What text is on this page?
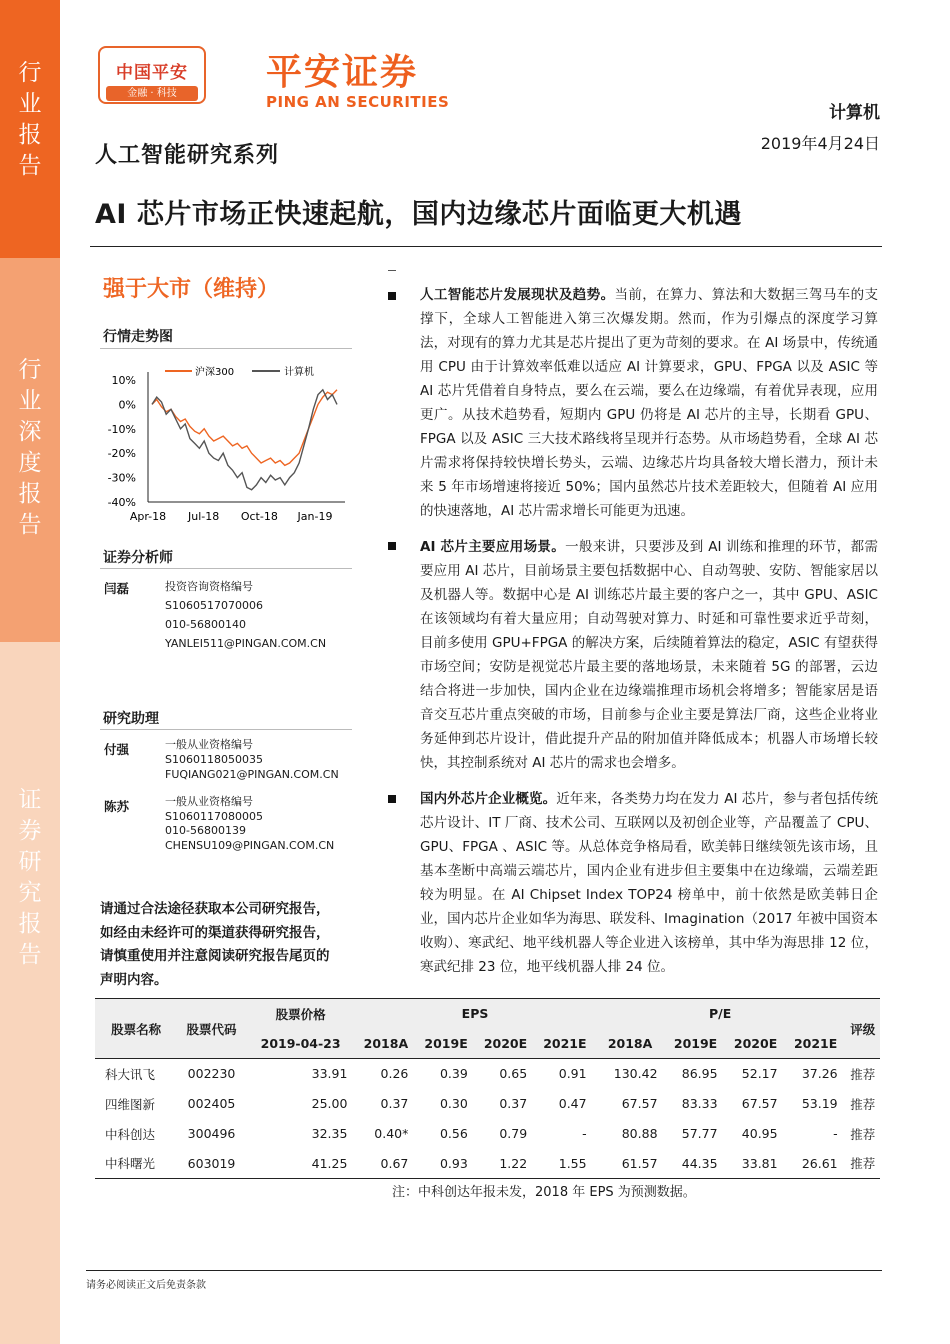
行
业
报
告
行
业
深
度
报
告
证
券
研
究
报
告
中国平安
金融 · 科技
平安证券
PING AN SECURITIES
计算机
2019年4月24日
人工智能研究系列
AI 芯片市场正快速起航，国内边缘芯片面临更大机遇
强于大市（维持）
行情走势图
沪深300	计算机
10%
0%
-10%
-20%
-30%
-40%
Apr-18 Jul-18 Oct-18 Jan-19
证券分析师
闫磊	投资咨询资格编号
S1060517070006
010-56800140
YANLEI511@PINGAN.COM.CN
研究助理
付强	一般从业资格编号
S1060118050035
FUQIANG021@PINGAN.COM.CN
陈苏	一般从业资格编号
S1060117080005
010-56800139
CHENSU109@PINGAN.COM.CN
请通过合法途径获取本公司研究报告，如经由未经许可的渠道获得研究报告，请慎重使用并注意阅读研究报告尾页的声明内容。
人工智能芯片发展现状及趋势。当前，在算力、算法和大数据三驾马车的支撑下，全球人工智能进入第三次爆发期。然而，作为引爆点的深度学习算法，对现有的算力尤其是芯片提出了更为苛刻的要求。在 AI 场景中，传统通用 CPU 由于计算效率低难以适应 AI 计算要求，GPU、FPGA 以及 ASIC 等 AI 芯片凭借着自身特点，要么在云端，要么在边缘端，有着优异表现，应用更广。从技术趋势看，短期内 GPU 仍将是 AI 芯片的主导，长期看 GPU、FPGA 以及 ASIC 三大技术路线将呈现并行态势。从市场趋势看，全球 AI 芯片需求将保持较快增长势头，云端、边缘芯片均具备较大增长潜力，预计未来 5 年市场增速将接近 50%；国内虽然芯片技术差距较大，但随着 AI 应用的快速落地，AI 芯片需求增长可能更为迅速。
AI 芯片主要应用场景。一般来讲，只要涉及到 AI 训练和推理的环节，都需要应用 AI 芯片，目前场景主要包括数据中心、自动驾驶、安防、智能家居以及机器人等。数据中心是 AI 训练芯片最主要的客户之一，其中 GPU、ASIC 在该领域均有着大量应用；自动驾驶对算力、时延和可靠性要求近乎苛刻，目前多使用 GPU+FPGA 的解决方案，后续随着算法的稳定，ASIC 有望获得市场空间；安防是视觉芯片最主要的落地场景，未来随着 5G 的部署，云边结合将进一步加快，国内企业在边缘端推理市场机会将增多；智能家居是语音交互芯片重点突破的市场，目前参与企业主要是算法厂商，这些企业将业务延伸到芯片设计，借此提升产品的附加值并降低成本；机器人市场增长较快，其控制系统对 AI 芯片的需求也会增多。
国内外芯片企业概览。近年来，各类势力均在发力 AI 芯片，参与者包括传统芯片设计、IT 厂商、技术公司、互联网以及初创企业等，产品覆盖了 CPU、GPU、FPGA 、ASIC 等。从总体竞争格局看，欧美韩日继续领先该市场，且基本垄断中高端云端芯片，国内企业有进步但主要集中在边缘端，云端差距较为明显。在 AI Chipset Index TOP24 榜单中，前十依然是欧美韩日企业，国内芯片企业如华为海思、联发科、Imagination（2017 年被中国资本收购）、寒武纪、地平线机器人等企业进入该榜单，其中华为海思排 12 位，寒武纪排 23 位，地平线机器人排 24 位。
股票名称	股票代码	股票价格	EPS				P/E				评级
		2019-04-23	2018A	2019E	2020E	2021E	2018A	2019E	2020E	2021E	
科大讯飞	002230	33.91	0.26	0.39	0.65	0.91	130.42	86.95	52.17	37.26	推荐
四维图新	002405	25.00	0.37	0.30	0.37	0.47	67.57	83.33	67.57	53.19	推荐
中科创达	300496	32.35	0.40*	0.56	0.79	-	80.88	57.77	40.95	-	推荐
中科曙光	603019	41.25	0.67	0.93	1.22	1.55	61.57	44.35	33.81	26.61	推荐
注：中科创达年报未发，2018 年 EPS 为预测数据。
请务必阅读正文后免责条款
